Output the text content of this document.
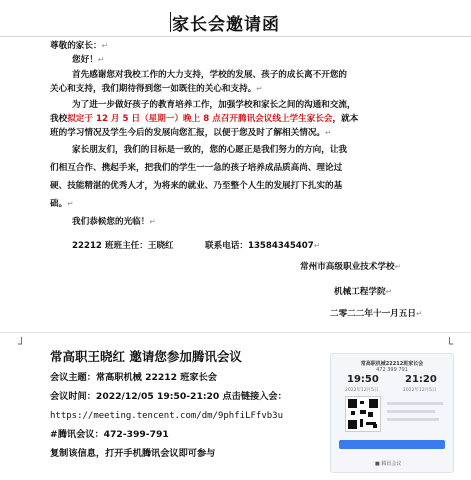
家长会邀请函
尊敬的家长：↵
您好！↵
首先感谢您对我校工作的大力支持，学校的发展、孩子的成长离不开您的
关心和支持，我们期待得到您一如既往的关心和支持。↵
为了进一步做好孩子的教育培养工作，加强学校和家长之间的沟通和交流，
我校拟定于 12 月 5 日（星期一）晚上 8 点召开腾讯会议线上学生家长会，就本
班的学习情况及学生今后的发展向您汇报，以便于您及时了解相关情况。↵
家长朋友们，我们的目标是一致的，您的心愿正是我们努力的方向，让我
们相互合作、携起手来，把我们的学生一一急的孩子培养成品质高尚、理论过
硬、技能精湛的优秀人才，为将来的就业、乃至整个人生的发展打下扎实的基
础。↵
我们恭候您的光临！↵
22212 班班主任：王晓红	联系电话：13584345407↵
常州市高级职业技术学校↵
机械工程学院↵
二零二二年十一月五日↵
┘	└
常高职王晓红 邀请您参加腾讯会议
会议主题：常高职机械 22212 班家长会
会议时间：2022/12/05 19:50-21:20 点击链接入会：
https://meeting.tencent.com/dm/9phfiLFfvb3u
#腾讯会议：472-399-791
复制该信息，打开手机腾讯会议即可参与
常高职机械22212班家长会
472 399 791
19:50	21:20
2022年12月5日	2022年12月5日
■ 腾讯会议
